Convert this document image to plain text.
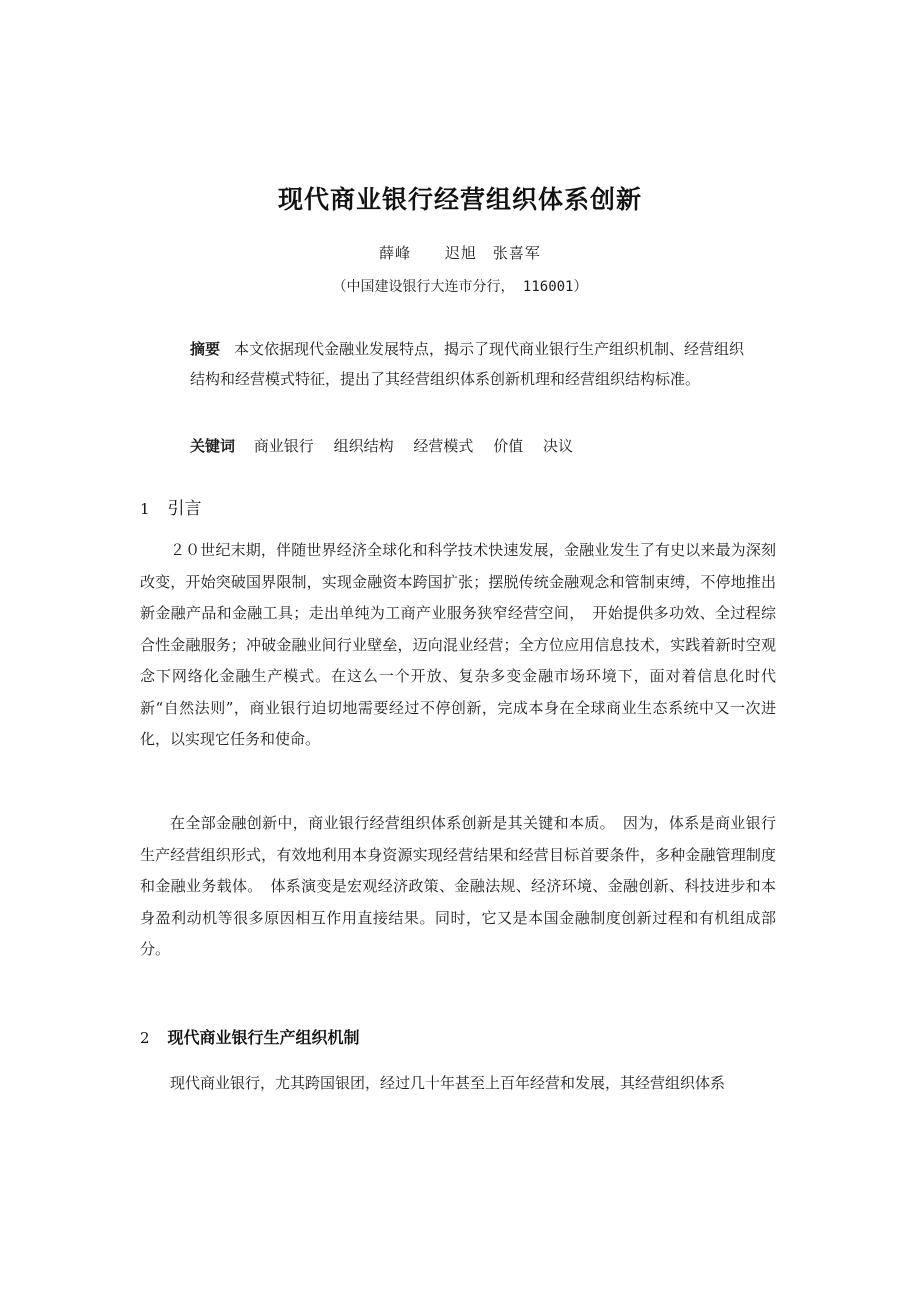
现代商业银行经营组织体系创新
薛峰　 迟旭　张喜军
（中国建设银行大连市分行， 116001）
摘要 本文依据现代金融业发展特点，揭示了现代商业银行生产组织机制、经营组织结构和经营模式特征，提出了其经营组织体系创新机理和经营组织结构标准。
关键词 商业银行 组织结构 经营模式 价值 决议
1 引言
２０世纪末期，伴随世界经济全球化和科学技术快速发展，金融业发生了有史以来最为深刻改变，开始突破国界限制，实现金融资本跨国扩张；摆脱传统金融观念和管制束缚，不停地推出新金融产品和金融工具；走出单纯为工商产业服务狭窄经营空间，　开始提供多功效、全过程综合性金融服务；冲破金融业间行业壁垒，迈向混业经营；全方位应用信息技术，实践着新时空观念下网络化金融生产模式。在这么一个开放、复杂多变金融市场环境下，面对着信息化时代新“自然法则”，商业银行迫切地需要经过不停创新，完成本身在全球商业生态系统中又一次进化，以实现它任务和使命。
在全部金融创新中，商业银行经营组织体系创新是其关键和本质。　因为，体系是商业银行生产经营组织形式，有效地利用本身资源实现经营结果和经营目标首要条件，多种金融管理制度和金融业务载体。　体系演变是宏观经济政策、金融法规、经济环境、金融创新、科技进步和本身盈利动机等很多原因相互作用直接结果。同时，它又是本国金融制度创新过程和有机组成部分。
2 现代商业银行生产组织机制
现代商业银行，尤其跨国银团，经过几十年甚至上百年经营和发展，其经营组织体系
